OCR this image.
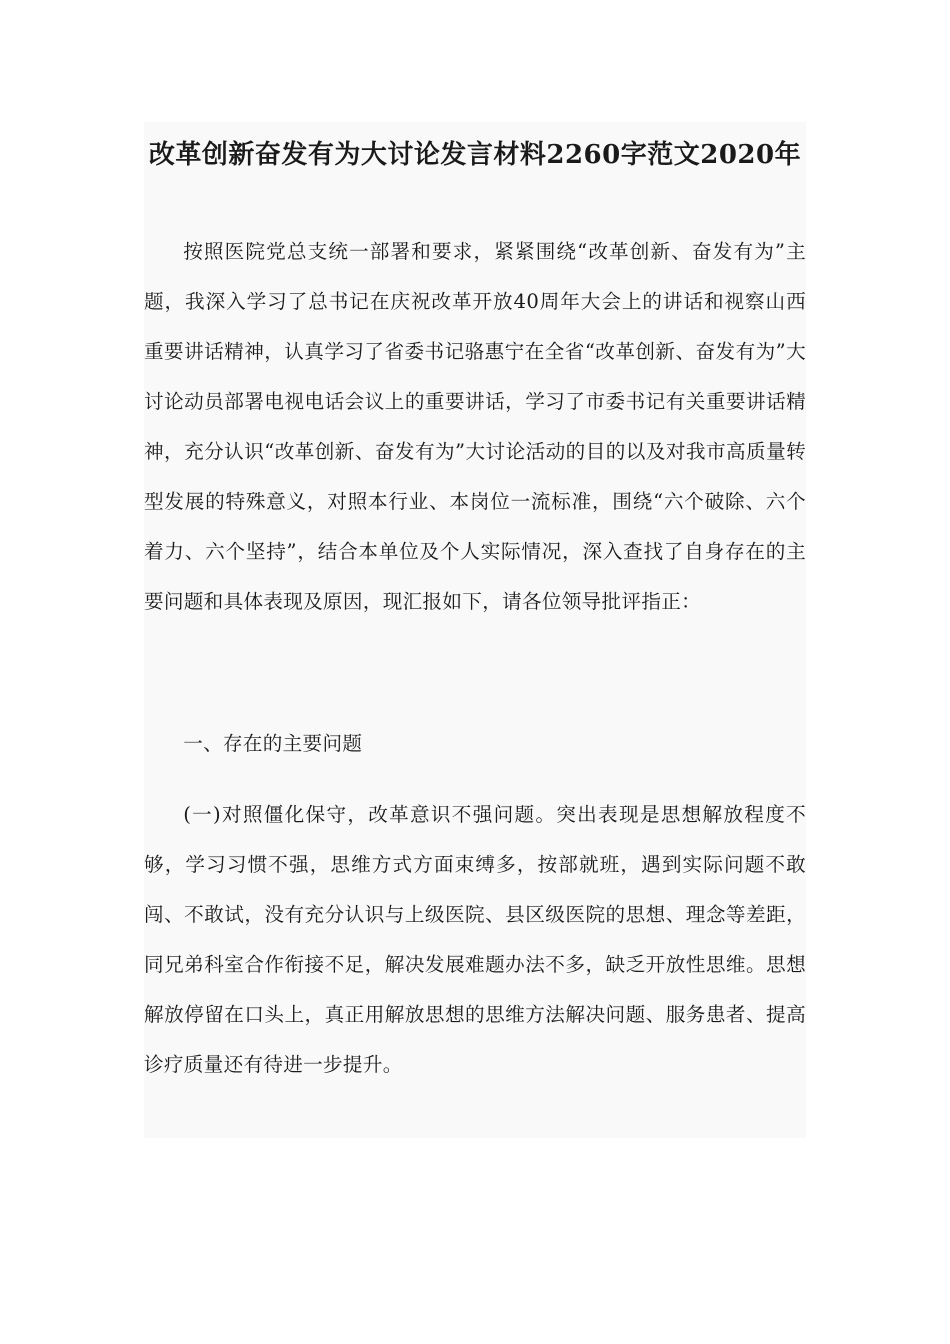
改革创新奋发有为大讨论发言材料2260字范文2020年

按照医院党总支统一部署和要求，紧紧围绕“改革创新、奋发有为”主题，我深入学习了总书记在庆祝改革开放40周年大会上的讲话和视察山西重要讲话精神，认真学习了省委书记骆惠宁在全省“改革创新、奋发有为”大讨论动员部署电视电话会议上的重要讲话，学习了市委书记有关重要讲话精神，充分认识“改革创新、奋发有为”大讨论活动的目的以及对我市高质量转型发展的特殊意义，对照本行业、本岗位一流标准，围绕“六个破除、六个着力、六个坚持”，结合本单位及个人实际情况，深入查找了自身存在的主要问题和具体表现及原因，现汇报如下，请各位领导批评指正：

一、存在的主要问题

(一)对照僵化保守，改革意识不强问题。突出表现是思想解放程度不够，学习习惯不强，思维方式方面束缚多，按部就班，遇到实际问题不敢闯、不敢试，没有充分认识与上级医院、县区级医院的思想、理念等差距，同兄弟科室合作衔接不足，解决发展难题办法不多，缺乏开放性思维。思想解放停留在口头上，真正用解放思想的思维方法解决问题、服务患者、提高诊疗质量还有待进一步提升。
